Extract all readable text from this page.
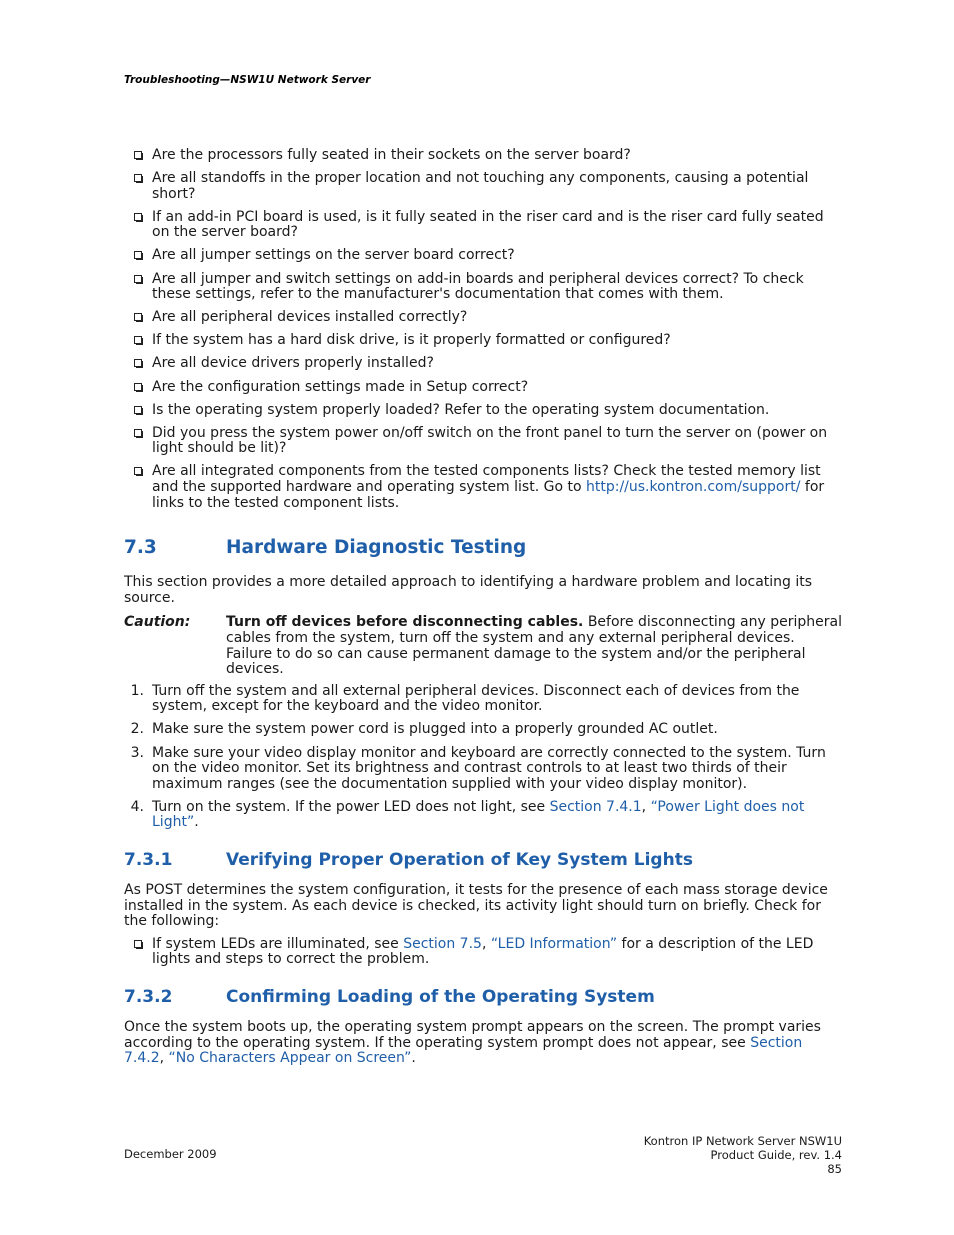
Troubleshooting—NSW1U Network Server
Are the processors fully seated in their sockets on the server board?
Are all standoffs in the proper location and not touching any components, causing a potential short?
If an add-in PCI board is used, is it fully seated in the riser card and is the riser card fully seated on the server board?
Are all jumper settings on the server board correct?
Are all jumper and switch settings on add-in boards and peripheral devices correct? To check these settings, refer to the manufacturer's documentation that comes with them.
Are all peripheral devices installed correctly?
If the system has a hard disk drive, is it properly formatted or configured?
Are all device drivers properly installed?
Are the configuration settings made in Setup correct?
Is the operating system properly loaded? Refer to the operating system documentation.
Did you press the system power on/off switch on the front panel to turn the server on (power on light should be lit)?
Are all integrated components from the tested components lists? Check the tested memory list and the supported hardware and operating system list. Go to http://us.kontron.com/support/ for links to the tested component lists.
7.3	Hardware Diagnostic Testing

This section provides a more detailed approach to identifying a hardware problem and locating its source.

Caution:	Turn off devices before disconnecting cables. Before disconnecting any peripheral cables from the system, turn off the system and any external peripheral devices. Failure to do so can cause permanent damage to the system and/or the peripheral devices.
1. Turn off the system and all external peripheral devices. Disconnect each of devices from the system, except for the keyboard and the video monitor.
2. Make sure the system power cord is plugged into a properly grounded AC outlet.
3. Make sure your video display monitor and keyboard are correctly connected to the system. Turn on the video monitor. Set its brightness and contrast controls to at least two thirds of their maximum ranges (see the documentation supplied with your video display monitor).
4. Turn on the system. If the power LED does not light, see Section 7.4.1, “Power Light does not Light”.
7.3.1	Verifying Proper Operation of Key System Lights

As POST determines the system configuration, it tests for the presence of each mass storage device installed in the system. As each device is checked, its activity light should turn on briefly. Check for the following:

If system LEDs are illuminated, see Section 7.5, “LED Information” for a description of the LED lights and steps to correct the problem.
7.3.2	Confirming Loading of the Operating System

Once the system boots up, the operating system prompt appears on the screen. The prompt varies according to the operating system. If the operating system prompt does not appear, see Section 7.4.2, “No Characters Appear on Screen”.

December 2009
Kontron IP Network Server NSW1U
Product Guide, rev. 1.4
85
